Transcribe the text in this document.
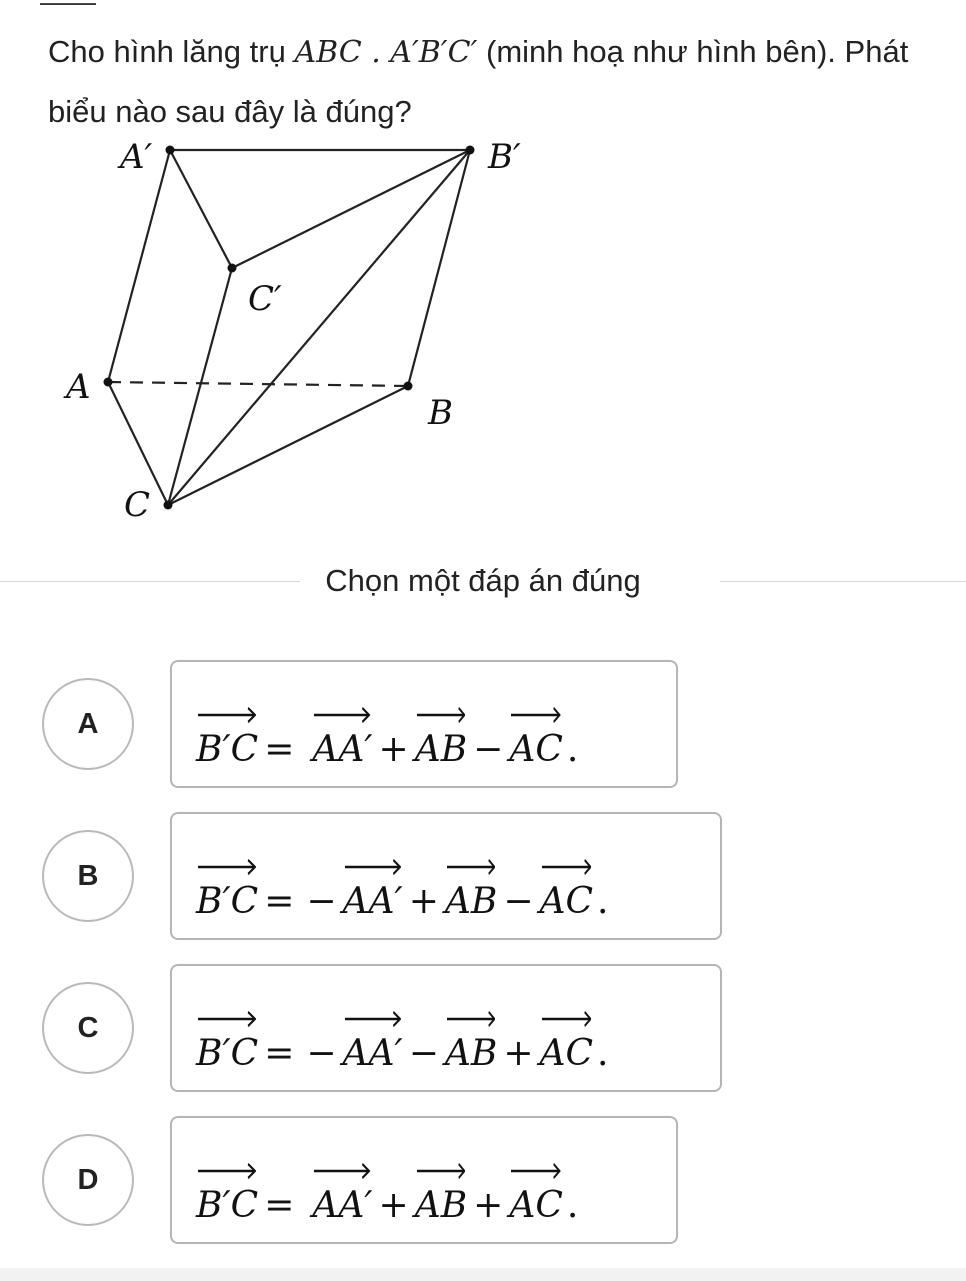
——
Cho hình lăng trụ ABC . A′B′C′ (minh hoạ như hình bên). Phát biểu nào sau đây là đúng?
A′	B′
C′
A
B
C
Chọn một đáp án đúng
A
B′C = AA′ + AB − AC .
B
B′C = − AA′ + AB − AC .
C
B′C = − AA′ − AB + AC .
D
B′C = AA′ + AB + AC .
